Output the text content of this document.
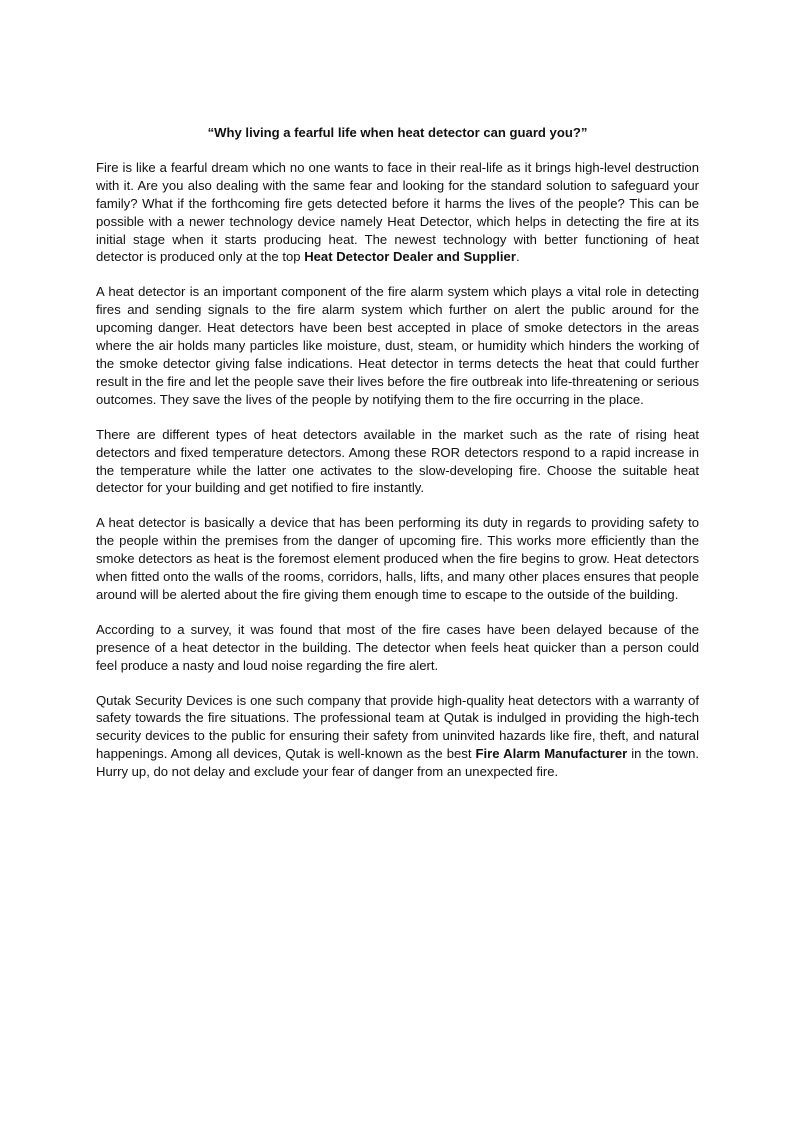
“Why living a fearful life when heat detector can guard you?”

Fire is like a fearful dream which no one wants to face in their real-life as it brings high-level destruction with it. Are you also dealing with the same fear and looking for the standard solution to safeguard your family? What if the forthcoming fire gets detected before it harms the lives of the people? This can be possible with a newer technology device namely Heat Detector, which helps in detecting the fire at its initial stage when it starts producing heat. The newest technology with better functioning of heat detector is produced only at the top Heat Detector Dealer and Supplier.

A heat detector is an important component of the fire alarm system which plays a vital role in detecting fires and sending signals to the fire alarm system which further on alert the public around for the upcoming danger. Heat detectors have been best accepted in place of smoke detectors in the areas where the air holds many particles like moisture, dust, steam, or humidity which hinders the working of the smoke detector giving false indications. Heat detector in terms detects the heat that could further result in the fire and let the people save their lives before the fire outbreak into life-threatening or serious outcomes. They save the lives of the people by notifying them to the fire occurring in the place.

There are different types of heat detectors available in the market such as the rate of rising heat detectors and fixed temperature detectors. Among these ROR detectors respond to a rapid increase in the temperature while the latter one activates to the slow-developing fire. Choose the suitable heat detector for your building and get notified to fire instantly.

A heat detector is basically a device that has been performing its duty in regards to providing safety to the people within the premises from the danger of upcoming fire. This works more efficiently than the smoke detectors as heat is the foremost element produced when the fire begins to grow. Heat detectors when fitted onto the walls of the rooms, corridors, halls, lifts, and many other places ensures that people around will be alerted about the fire giving them enough time to escape to the outside of the building.

According to a survey, it was found that most of the fire cases have been delayed because of the presence of a heat detector in the building. The detector when feels heat quicker than a person could feel produce a nasty and loud noise regarding the fire alert.

Qutak Security Devices is one such company that provide high-quality heat detectors with a warranty of safety towards the fire situations. The professional team at Qutak is indulged in providing the high-tech security devices to the public for ensuring their safety from uninvited hazards like fire, theft, and natural happenings. Among all devices, Qutak is well-known as the best Fire Alarm Manufacturer in the town. Hurry up, do not delay and exclude your fear of danger from an unexpected fire.
